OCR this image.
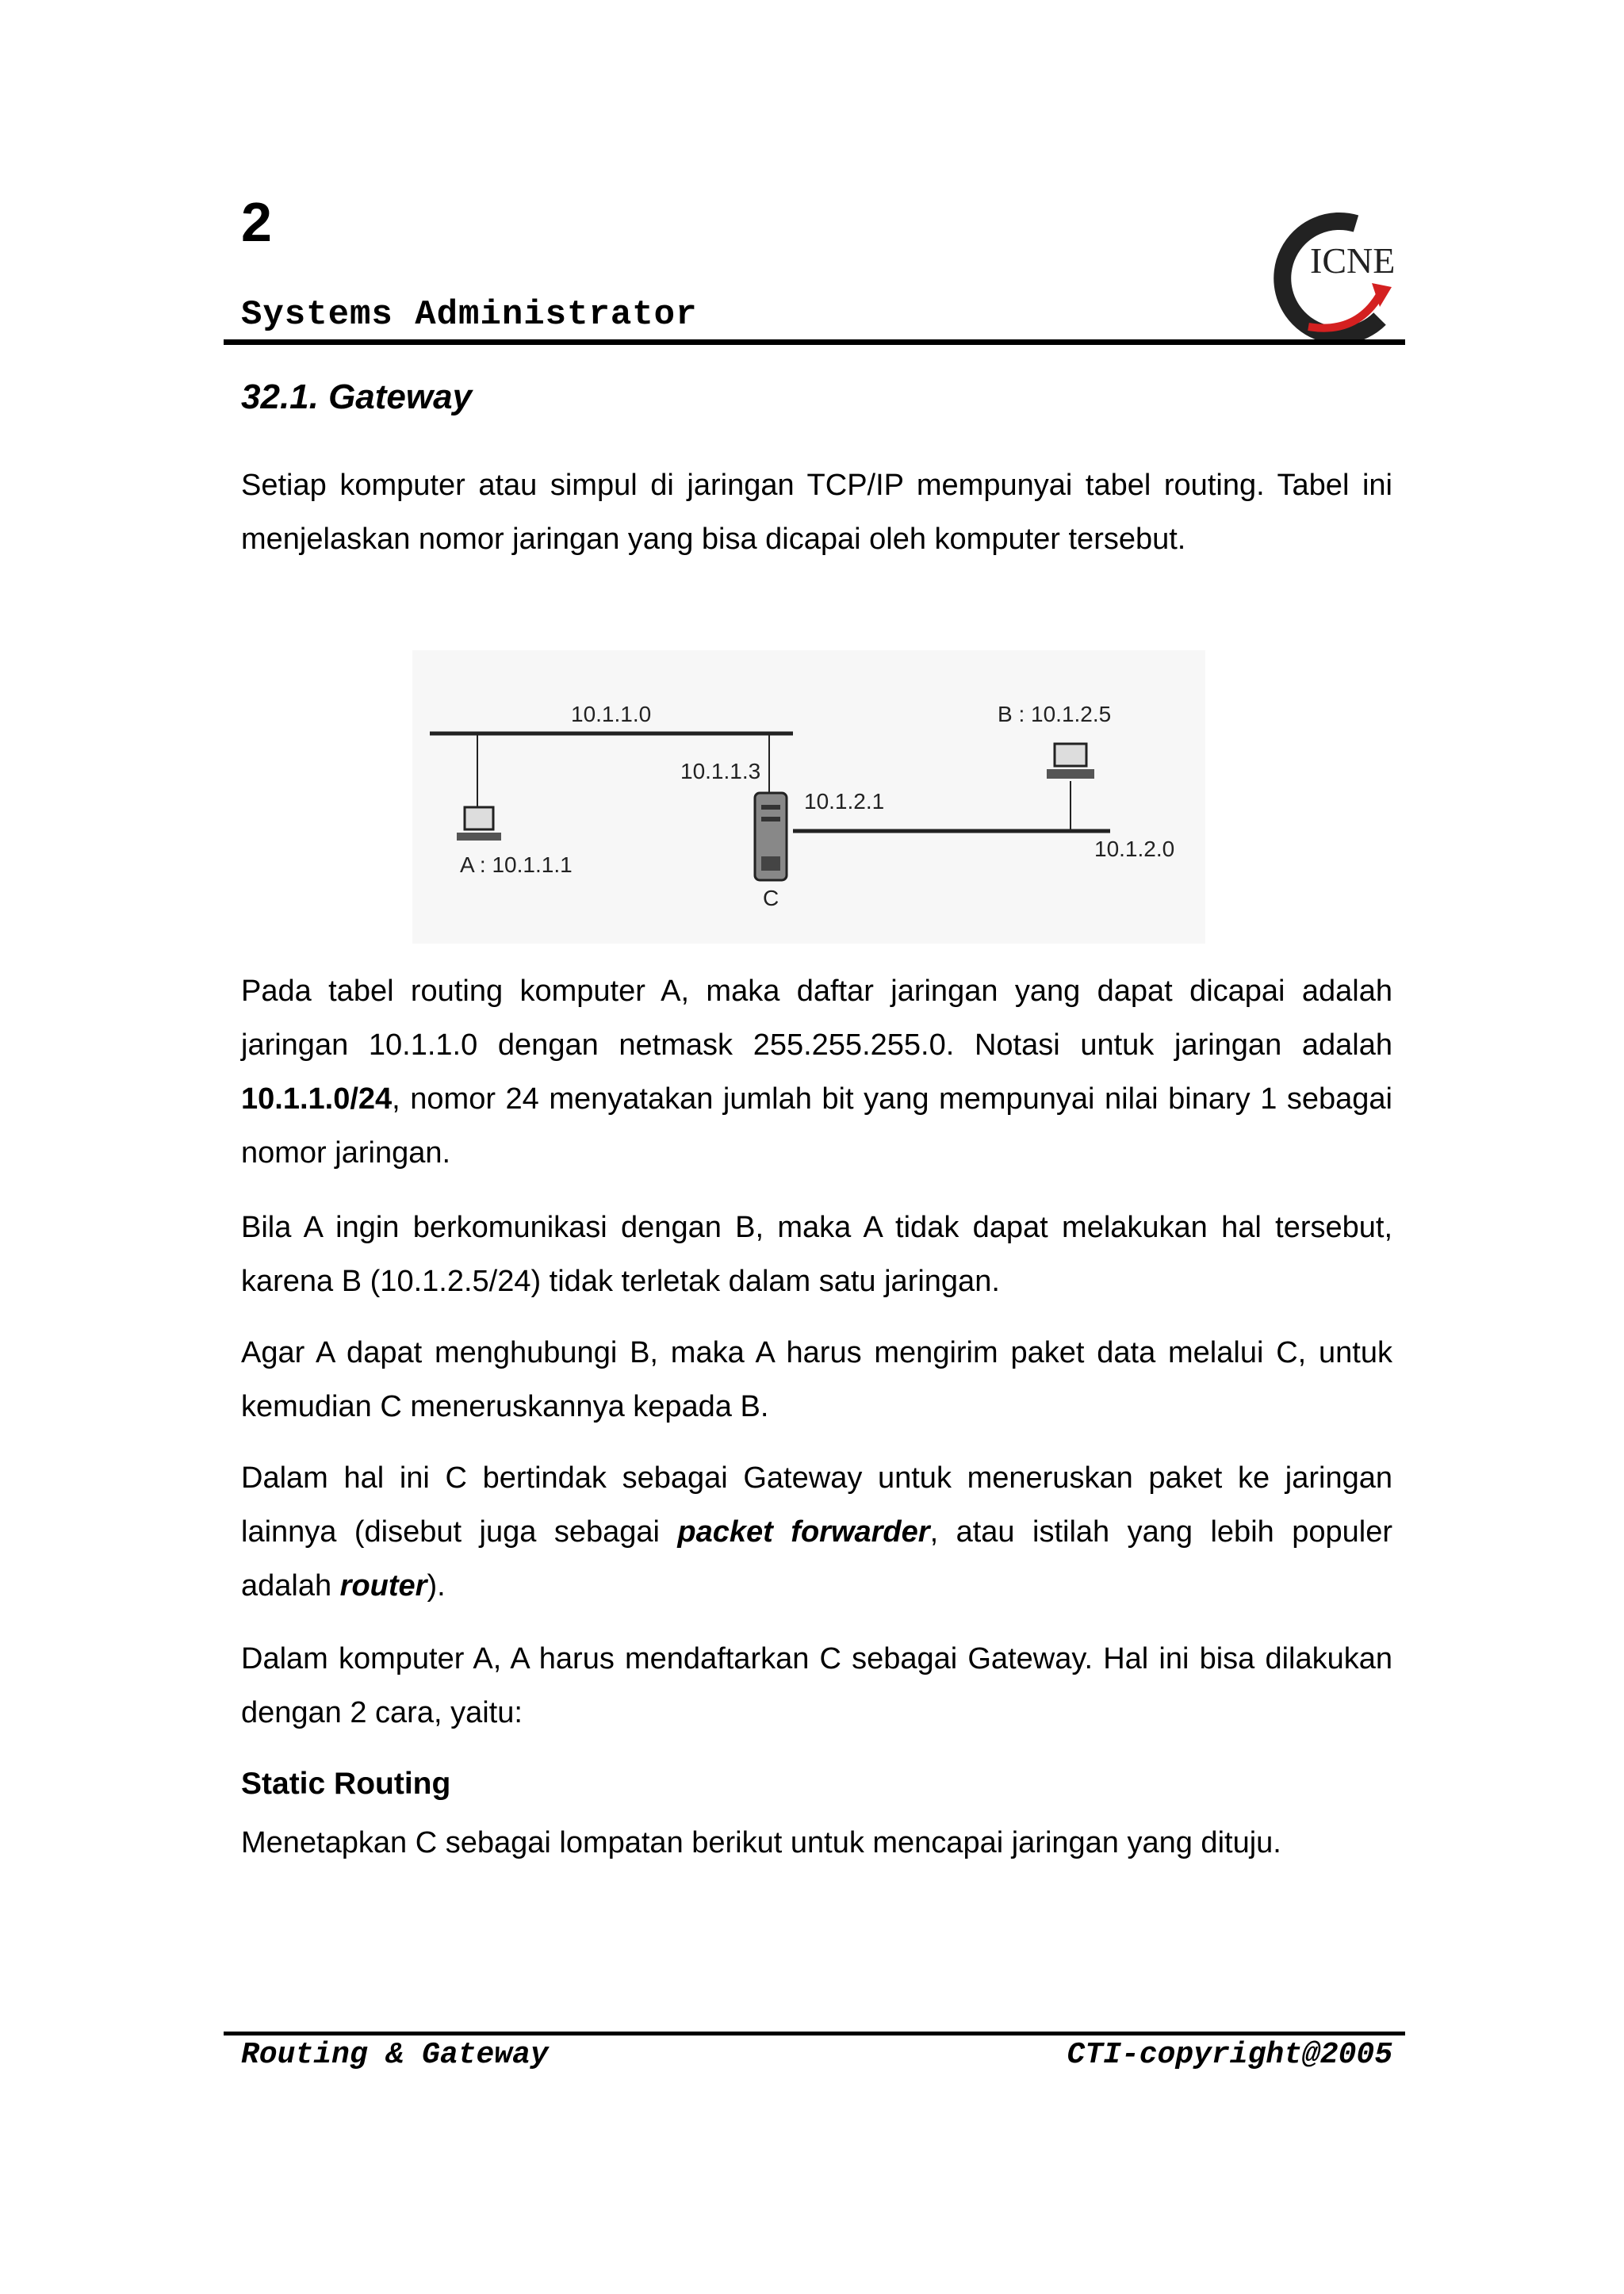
2
Systems Administrator
ICNE
32.1. Gateway

Setiap komputer atau simpul di jaringan TCP/IP mempunyai tabel routing. Tabel ini menjelaskan nomor jaringan yang bisa dicapai oleh komputer tersebut.

10.1.1.0	B : 10.1.2.5
10.1.1.3
10.1.2.1
10.1.2.0
A : 10.1.1.1
C

Pada tabel routing komputer A, maka daftar jaringan yang dapat dicapai adalah jaringan 10.1.1.0 dengan netmask 255.255.255.0. Notasi untuk jaringan adalah 10.1.1.0/24, nomor 24 menyatakan jumlah bit yang mempunyai nilai binary 1 sebagai nomor jaringan.

Bila A ingin berkomunikasi dengan B, maka A tidak dapat melakukan hal tersebut, karena B (10.1.2.5/24) tidak terletak dalam satu jaringan.

Agar A dapat menghubungi B, maka A harus mengirim paket data melalui C, untuk kemudian C meneruskannya kepada B.

Dalam hal ini C bertindak sebagai Gateway untuk meneruskan paket ke jaringan lainnya (disebut juga sebagai packet forwarder, atau istilah yang lebih populer adalah router).

Dalam komputer A, A harus mendaftarkan C sebagai Gateway. Hal ini bisa dilakukan dengan 2 cara, yaitu:

Static Routing

Menetapkan C sebagai lompatan berikut untuk mencapai jaringan yang dituju.

Routing & Gateway	CTI-copyright@2005
